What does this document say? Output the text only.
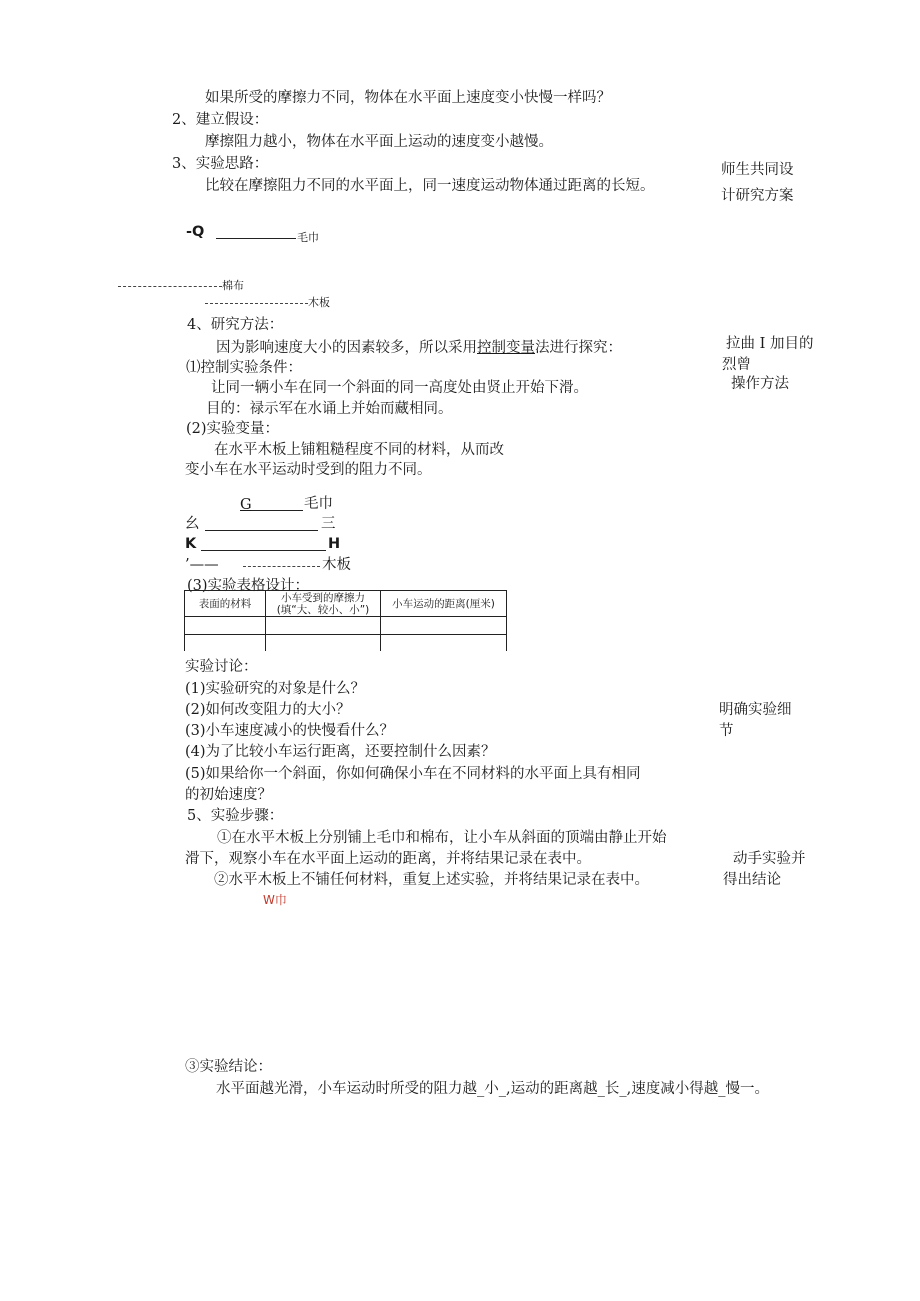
如果所受的摩擦力不同，物体在水平面上速度变小快慢一样吗？
2、建立假设：
摩擦阻力越小，物体在水平面上运动的速度变小越慢。
3、实验思路：
比较在摩擦阻力不同的水平面上，同一速度运动物体通过距离的长短。
-Q	毛巾
棉布
木板
4、研究方法：
因为影响速度大小的因素较多，所以采用控制变量法进行探究：
⑴控制实验条件：
让同一辆小车在同一个斜面的同一高度处由贤止开始下滑。
目的：禄示军在水诵上并始而藏相同。
(2)实验变量：
在水平木板上铺粗糙程度不同的材料，从而改
变小车在水平运动时受到的阻力不同。
G	毛巾
幺	三
K	H
’——	木板
(3)实验表格设计：
表面的材料	小车受到的摩擦力(填“大、较小、小”)	小车运动的距离(厘米)

实验讨论：
(1)实验研究的对象是什么？
(2)如何改变阻力的大小？
(3)小车速度减小的快慢看什么？
(4)为了比较小车运行距离，还要控制什么因素？
(5)如果给你一个斜面，你如何确保小车在不同材料的水平面上具有相同
的初始速度？
5、实验步骤：
①在水平木板上分别铺上毛巾和棉布，让小车从斜面的顶端由静止开始
滑下，观察小车在水平面上运动的距离，并将结果记录在表中。
②水平木板上不铺任何材料，重复上述实验，并将结果记录在表中。
W巾
③实验结论：
水平面越光滑，小车运动时所受的阻力越_小_,运动的距离越_长_,速度减小得越_慢一。
师生共同设
计研究方案
拉曲 I 加目的
烈曾
操作方法
明确实验细
节
动手实验并
得出结论
